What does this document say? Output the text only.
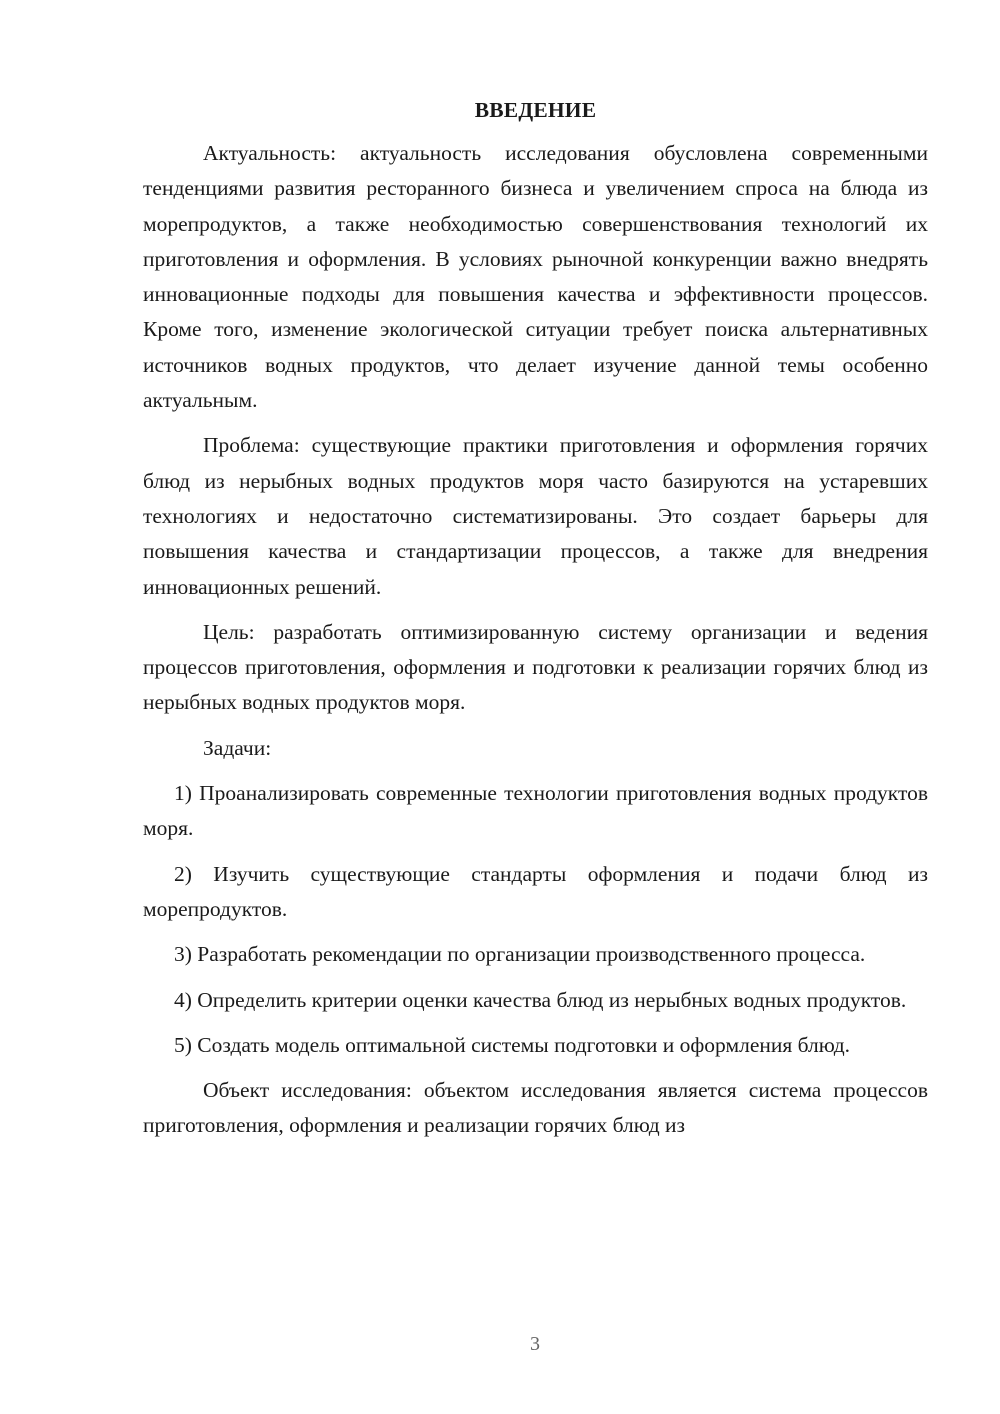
ВВЕДЕНИЕ

Актуальность: актуальность исследования обусловлена современными тенденциями развития ресторанного бизнеса и увеличением спроса на блюда из морепродуктов, а также необходимостью совершенствования технологий их приготовления и оформления. В условиях рыночной конкуренции важно внедрять инновационные подходы для повышения качества и эффективности процессов. Кроме того, изменение экологической ситуации требует поиска альтернативных источников водных продуктов, что делает изучение данной темы особенно актуальным.

Проблема: существующие практики приготовления и оформления горячих блюд из нерыбных водных продуктов моря часто базируются на устаревших технологиях и недостаточно систематизированы. Это создает барьеры для повышения качества и стандартизации процессов, а также для внедрения инновационных решений.

Цель: разработать оптимизированную систему организации и ведения процессов приготовления, оформления и подготовки к реализации горячих блюд из нерыбных водных продуктов моря.

Задачи:

1) Проанализировать современные технологии приготовления водных продуктов моря.

2) Изучить существующие стандарты оформления и подачи блюд из морепродуктов.

3) Разработать рекомендации по организации производственного процесса.

4) Определить критерии оценки качества блюд из нерыбных водных продуктов.

5) Создать модель оптимальной системы подготовки и оформления блюд.

Объект исследования: объектом исследования является система процессов приготовления, оформления и реализации горячих блюд из

3
